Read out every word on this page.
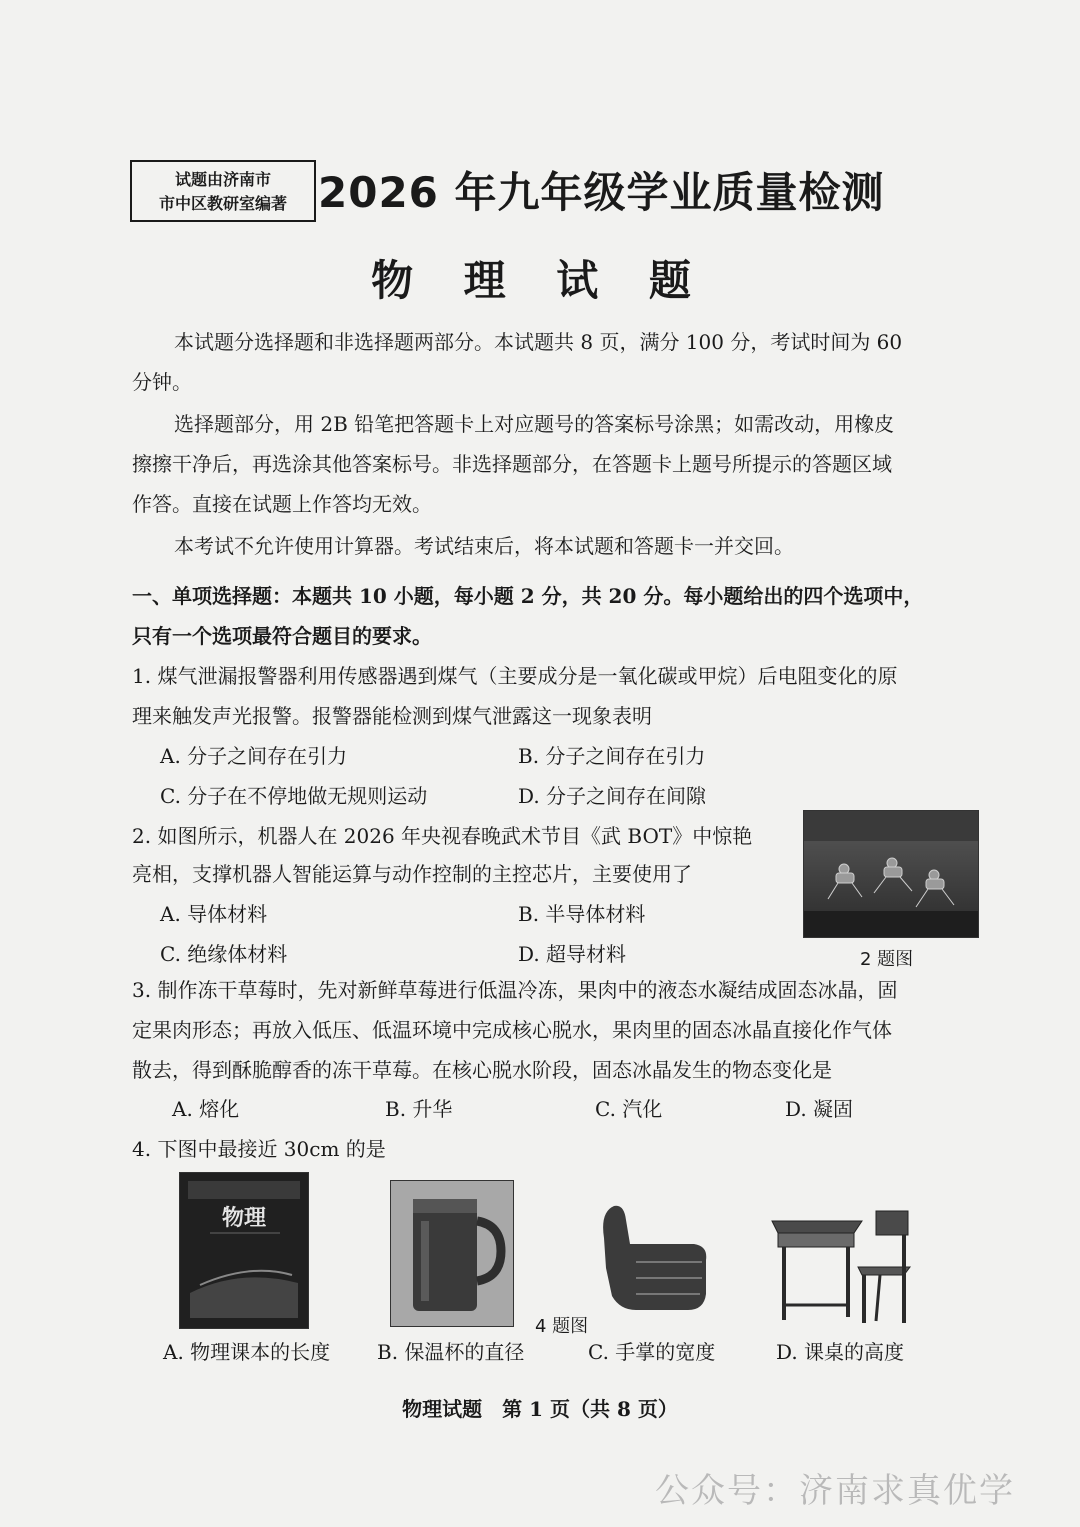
试题由济南市
市中区教研室编著 2026 年九年级学业质量检测
物 理 试 题
本试题分选择题和非选择题两部分。本试题共 8 页，满分 100 分，考试时间为 60
分钟。
选择题部分，用 2B 铅笔把答题卡上对应题号的答案标号涂黑；如需改动，用橡皮
擦擦干净后，再选涂其他答案标号。非选择题部分，在答题卡上题号所提示的答题区域
作答。直接在试题上作答均无效。
本考试不允许使用计算器。考试结束后，将本试题和答题卡一并交回。
一、单项选择题：本题共 10 小题，每小题 2 分，共 20 分。每小题给出的四个选项中，
只有一个选项最符合题目的要求。
1. 煤气泄漏报警器利用传感器遇到煤气（主要成分是一氧化碳或甲烷）后电阻变化的原
理来触发声光报警。报警器能检测到煤气泄露这一现象表明
A. 分子之间存在引力	B. 分子之间存在引力
C. 分子在不停地做无规则运动	D. 分子之间存在间隙
2. 如图所示，机器人在 2026 年央视春晚武术节目《武 BOT》中惊艳
亮相，支撑机器人智能运算与动作控制的主控芯片，主要使用了
A. 导体材料	B. 半导体材料
C. 绝缘体材料	D. 超导材料	2 题图
3. 制作冻干草莓时，先对新鲜草莓进行低温冷冻，果肉中的液态水凝结成固态冰晶，固
定果肉形态；再放入低压、低温环境中完成核心脱水，果肉里的固态冰晶直接化作气体
散去，得到酥脆醇香的冻干草莓。在核心脱水阶段，固态冰晶发生的物态变化是
A. 熔化	B. 升华	C. 汽化	D. 凝固
4. 下图中最接近 30cm 的是
物理
4 题图
A. 物理课本的长度 B. 保温杯的直径	C. 手掌的宽度	D. 课桌的高度
物理试题　第 1 页（共 8 页）
公众号：济南求真优学
